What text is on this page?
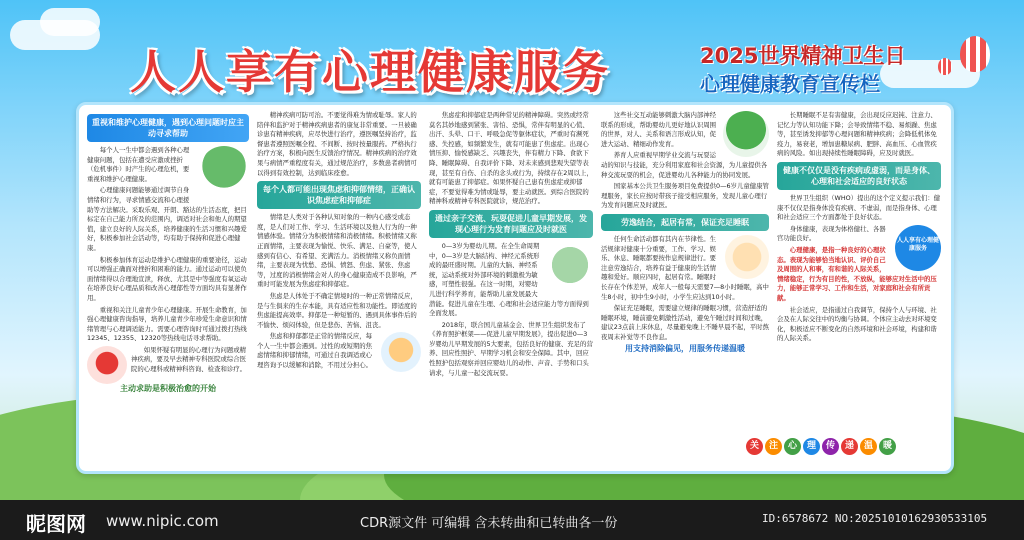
人人享有心理健康服务	2025世界精神卫生日
心理健康教育宣传栏
重视和维护心理健康，遇到心理问题时应主动寻求帮助

每个人一生中都会遇到各种心理健康问题，包括在遭受应激或挫折（危机事件）时产生的心理危机，要重视和维护心理健康。

心理健康问题能够通过调节自身情绪和行为，寻求情感交流和心理援助等方法解决。采取乐观、开朗、豁达的生活态度，把目标定在自己能力所及的范围内，调适对社会和他人的期望值，建立良好的人际关系，培养健康的生活习惯和兴趣爱好，积极参加社会活动等，均有助于保持和促进心理健康。

积极参加体育运动是维护心理健康的重要途径，运动可以增强正确面对挫折和困难的能力。通过运动可以使负面情绪得以合理地宣泄，释放、尤其是中等强度有氧运动在培养良好心理品质和改善心理郁性等方面均具有显著作用。

重视和关注儿童青少年心理健康。开展生命教育，加强心理健康咨询指导，培养儿童青少年珍爱生命意识和情绪管理与心理调适能力。需要心理咨询时可通过拨打热线12345、12355、12320等热线电话寻求帮助。

如果怀疑有明显的心理行为问题或精神疾病，要及早去精神专科医院或综合医院的心理科或精神科咨询、检查和诊疗。

主动求助是积极治愈的开始

精神疾病可防可治。不要觉得难为情或耻辱。家人的陪伴和监护对于精神疾病患者的康复非常重要。一旦被确诊患有精神疾病，应尽快进行治疗，遵医嘱坚持治疗，监督患者遵照医嘱全程、不间断、按时按量服药。严格执行治疗方案，积极向医生反馈治疗情况。精神疾病的治疗效果与病情严重程度有关，通过规范治疗，多数患者病情可以得到有效控制，达到临床痊愈。

每个人都可能出现焦虑和抑郁情绪，正确认识焦虑症和抑郁症

情绪是人类对于各种认知对象的一种内心感受或态度，是人们对工作、学习、生活环境以及他人行为的一种情感体验。情绪分为积极情绪和消极情绪。积极情绪又称正面情绪，主要表现为愉悦、快乐、满足、自豪等，使人感到有信心、有希望、充满活力。消极情绪又称负面情绪，主要表现为忧愁、恐惧、愤怒、焦虑、紧张、焦虑等，过度的消极情绪会对人的身心健康造成不良影响，严重时可能发展为焦虑症和抑郁症。

焦虑是人体处于不确定情境时的一种正常情绪反应，是与生俱来的生存本能，具有适应性和功能性。即适度的焦虑能提高效率。抑郁是一种短暂的、遇到具体事件后的不愉快、烦闷体验，但是悲伤、苦恼、沮丧。

焦虑和抑郁都是正常的情绪反应，每个人一生中都会遇到。过性的或短期的焦虑情绪和抑郁情绪，可通过自我调适或心理咨询予以缓解和消除，不用过分担心。

焦虑症和抑郁症是两种常见的精神障碍。突然或经常莫名其妙地感到紧张、害怕、恐惧，常伴有明显的心慌、出汗、头晕、口干、呼吸急促等躯体症状，严重时有濒死感、失控感，如频繁发生，就有可能患了焦虑症。出现心情压抑、愉悦感缺乏、兴趣丧失，伴有精力下降、食欲下降、睡眠障碍、自我评价下降、对未来感到悲观失望等表现，甚至有自伤、自杀的念头或行为，持续存在2周以上，就有可能患了抑郁症。如果怀疑自己患有焦虑症或抑郁症，不要觉得难为情或耻辱，要主动就医。到综合医院的精神科或精神专科医院就诊，规范治疗。

通过亲子交流、玩耍促进儿童早期发展，发现心理行为发育问题应及时就医

0—3岁为婴幼儿期。在全生命周期中，0—3岁是大脑结构、神经元系统形成的最旺盛时期。儿童的大脑、神经系统，运动系统对外部环境的刺激极为敏感，可塑性很强。在这一时期，对婴幼儿进行科学养育，能帮助儿童发展最大潜能。促进儿童在生理、心理和社会适应能力等方面得到全面发展。

2018年，联合国儿童基金会、世界卫生组织发布了《养育照护框架——促进儿童早期发展》，提出促进0—3岁婴幼儿早期发展的5大要素，包括良好的健康、充足的营养、回应性照护、早期学习机会和安全保障。其中，回应性照护包括观察并回应婴幼儿的动作、声音、手势和口头请求，与儿童一起交流玩耍。

这些社交互动能够刺激大脑内部神经联系的形成，帮助婴幼儿更好地认识周围的世界，对人、关系和语言形成认知，促进大运动、精细动作发育。

养育人应重视早期学业交流与玩耍运动的知识与技能，充分利用家庭和社会资源，为儿童提供各种交流玩耍的机会，促进婴幼儿各种能力的协同发展。

国家基本公共卫生服务项目免费提供0—6岁儿童健康管理服务，家长应按时带孩子接受相应服务，发现儿童心理行为发育问题应及时就医。

劳逸结合，起居有常，保证充足睡眠

任何生命活动都有其内在节律性。生活规律对健康十分重要，工作、学习、娱乐、休息、睡眠都要按作息规律进行。要注意劳逸结合，培养有益于健康的生活情趣和爱好。顺应四时，起居有常。睡眠时长存在个体差异，成年人一般每天需要7—8小时睡眠，高中生8小时，初中生9小时，小学生应达到10小时。

保证充足睡眠，需要建立规律的睡眠习惯，营造舒适的睡眠环境，睡前避免刺激性活动，避免午睡过时间和过晚，建议23点前上床休息，尽量避免晚上不睡早晨不起，平时熬夜周末补觉等不良作息。

用支持消除偏见，用服务传递温暖

长期睡眠不足有害健康，会出现反应迟钝、注意力、记忆力等认知功能下降；会导致情绪不稳、易烦躁、焦虑等，甚至诱发抑郁等心理问题和精神疾病；会降低机体免疫力，易衰老，增加患糖尿病、肥胖、高血压、心血管疾病的风险。如出现持续性睡眠障碍，应及时就医。

健康不仅仅是没有疾病或虚弱，而是身体、心理和社会适应的良好状态

世界卫生组织（WHO）提出的这个定义提示我们：健康不仅仅是指身体没有疾病、不虚弱，而是指身体、心理和社会适应三个方面都处于良好状态。

人人享有心理健康服务

身体健康，表现为体格健壮、各器官功能良好。

心理健康，是指一种良好的心理状态。表现为能够恰当地认识、评价自己及周围的人和事，有和谐的人际关系，情绪稳定，行为有目的性，不放纵，能够应对生活中的压力，能够正常学习、工作和生活，对家庭和社会有所贡献。

社会适应，是指通过自我调节，保持个人与环境、社会及在人际交往中的均衡与协调。个体应主动去对环境变化，积极适应不断变化的自然环境和社会环境，构建和谐的人际关系。

关	注	心	理	传	递	温	暖
昵图网 www.nipic.com	CDR源文件 可编辑 含未转曲和已转曲各一份	ID:6578672 NO:20251010162930533105
